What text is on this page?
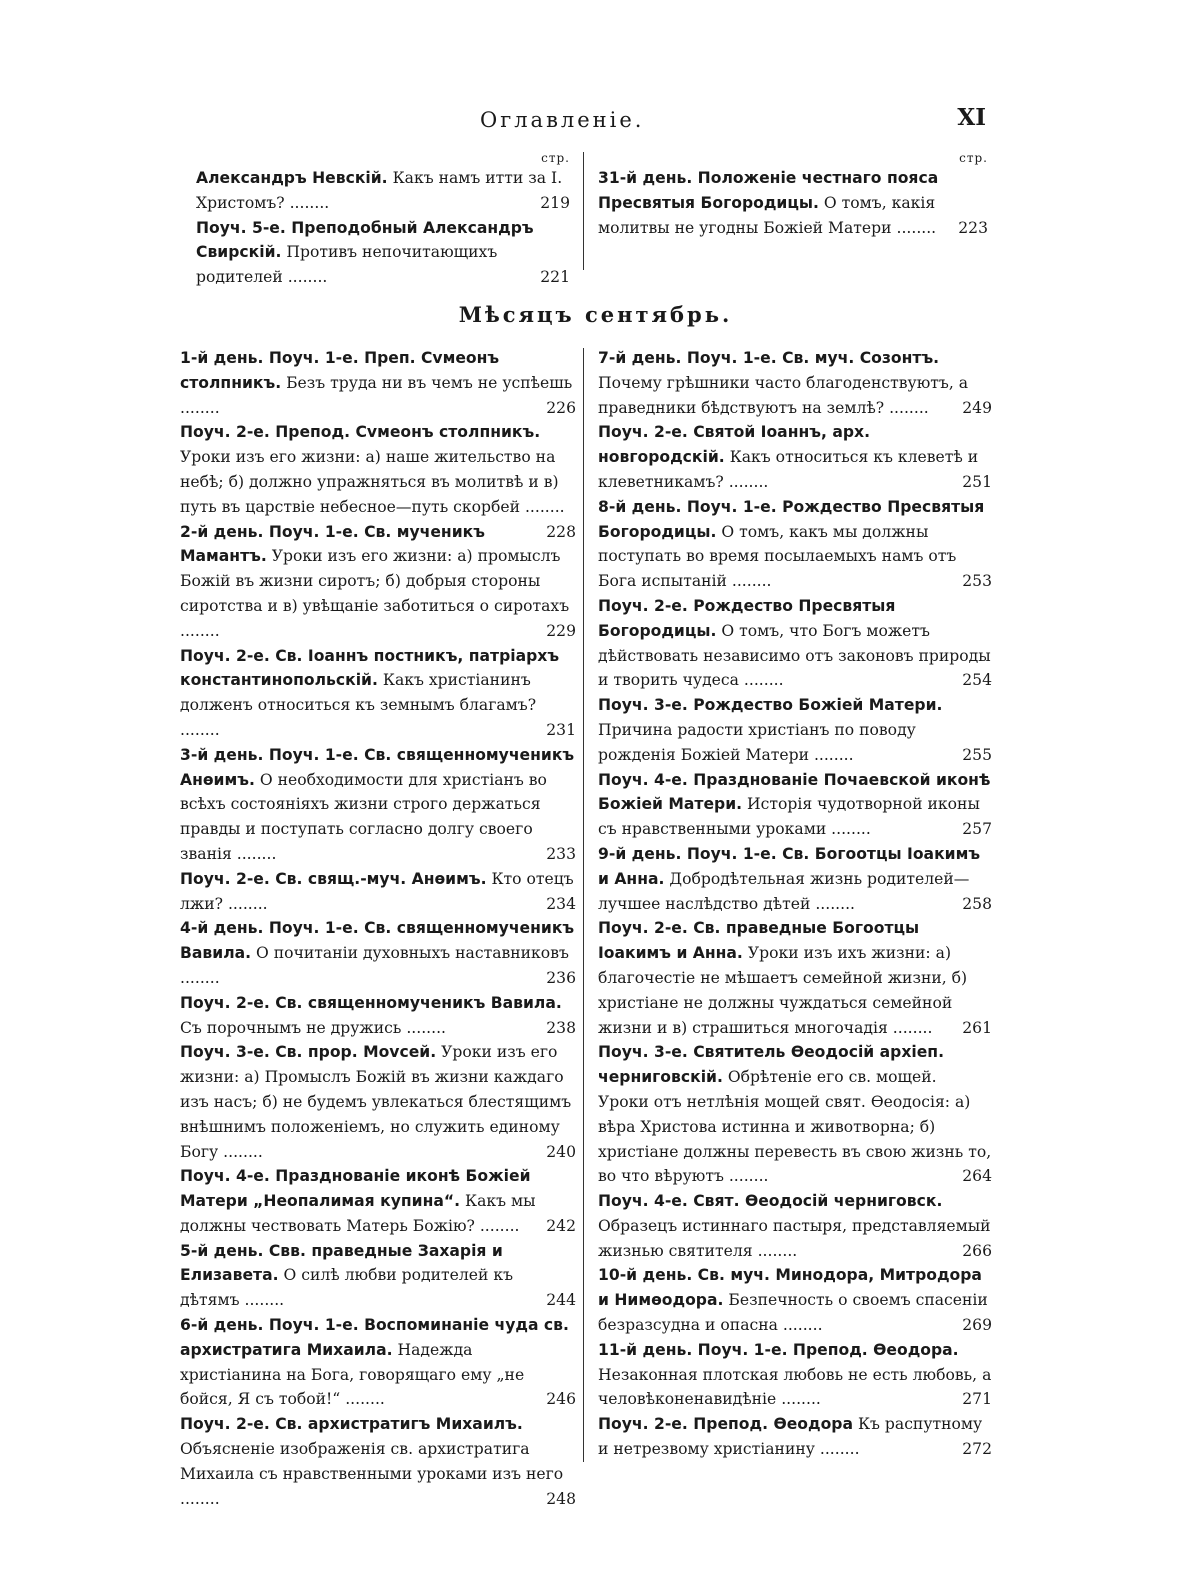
Оглавленіе.	XI
стр.

Александръ Невскій. Какъ намъ итти за І. Христомъ? ........	219

Поуч. 5-е. Преподобный Александръ Свирскій. Противъ непочитающихъ родителей ........	221

стр.

31-й день. Положеніе честнаго пояса Пресвятыя Богородицы. О томъ, какія молитвы не угодны Божіей Матери ........ 223

Мѣсяцъ сентябрь.

1-й день. Поуч. 1-е. Преп. Сvмеонъ столпникъ. Безъ труда ни въ чемъ не успѣешь ........	226

Поуч. 2-е. Препод. Сvмеонъ столпникъ. Уроки изъ его жизни: а) наше жительство на небѣ; б) должно упражняться въ молитвѣ и в) путь въ царствіе небесное—путь скорбей ........
228

2-й день. Поуч. 1-е. Св. мученикъ Мамантъ. Уроки изъ его жизни: а) промыслъ Божій въ жизни сиротъ; б) добрыя стороны сиротства и в) увѣщаніе заботиться о сиротахъ ........	229

Поуч. 2-е. Св. Іоаннъ постникъ, патріархъ константинопольскій. Какъ христіанинъ долженъ относиться къ земнымъ благамъ? ........	231

3-й день. Поуч. 1-е. Св. священномученикъ Анѳимъ. О необходимости для христіанъ во всѣхъ состояніяхъ жизни строго держаться правды и поступать согласно долгу своего званія ........	233

Поуч. 2-е. Св. свящ.-муч. Анѳимъ. Кто отецъ лжи? ........	234

4-й день. Поуч. 1-е. Св. священномученикъ Вавила. О почитаніи духовныхъ наставниковъ ........	236

Поуч. 2-е. Св. священномученикъ Вавила. Съ порочнымъ не дружись ........	238

Поуч. 3-е. Св. прор. Моvсей. Уроки изъ его жизни: а) Промыслъ Божій въ жизни каждаго изъ насъ; б) не будемъ увлекаться блестящимъ внѣшнимъ положеніемъ, но служить единому Богу ........	240

Поуч. 4-е. Празднованіе иконѣ Божіей Матери „Неопалимая купина“. Какъ мы должны чествовать Матерь Божію? ........ 242

5-й день. Свв. праведные Захарія и Елизавета. О силѣ любви родителей къ дѣтямъ ........	244

6-й день. Поуч. 1-е. Воспоминаніе чуда св. архистратига Михаила. Надежда христіанина на Бога, говорящаго ему „не бойся, Я съ тобой!“ ........	246

Поуч. 2-е. Св. архистратигъ Михаилъ. Объясненіе изображенія св. архистратига Михаила съ нравственными уроками изъ него ........	248

7-й день. Поуч. 1-е. Св. муч. Созонтъ. Почему грѣшники часто благоденствуютъ, а праведники бѣдствуютъ на землѣ? ........ 249

Поуч. 2-е. Святой Іоаннъ, арх. новгородскій. Какъ относиться къ клеветѣ и клеветникамъ? ........	251

8-й день. Поуч. 1-е. Рождество Пресвятыя Богородицы. О томъ, какъ мы должны поступать во время посылаемыхъ намъ отъ Бога испытаній ........	253

Поуч. 2-е. Рождество Пресвятыя Богородицы. О томъ, что Богъ можетъ дѣйствовать независимо отъ законовъ природы и творить чудеса ........	254

Поуч. 3-е. Рождество Божіей Матери. Причина радости христіанъ по поводу рожденія Божіей Матери ........	255

Поуч. 4-е. Празднованіе Почаевской иконѣ Божіей Матери. Исторія чудотворной иконы съ нравственными уроками ........	257

9-й день. Поуч. 1-е. Св. Богоотцы Іоакимъ и Анна. Добродѣтельная жизнь родителей—лучшее наслѣдство дѣтей ........	258

Поуч. 2-е. Св. праведные Богоотцы Іоакимъ и Анна. Уроки изъ ихъ жизни: а) благочестіе не мѣшаетъ семейной жизни, б) христіане не должны чуждаться семейной жизни и в) страшиться многочадія ........ 261

Поуч. 3-е. Святитель Ѳеодосій архіеп. черниговскій. Обрѣтеніе его св. мощей. Уроки отъ нетлѣнія мощей свят. Ѳеодосія: а) вѣра Христова истинна и животворна; б) христіане должны перевесть въ свою жизнь то, во что вѣруютъ ........	264

Поуч. 4-е. Свят. Ѳеодосій черниговск. Образецъ истиннаго пастыря, представляемый жизнью святителя ........	266

10-й день. Св. муч. Минодора, Митродора и Нимѳодора. Безпечность о своемъ спасеніи безразсудна и опасна ........	269

11-й день. Поуч. 1-е. Препод. Ѳеодора. Незаконная плотская любовь не есть любовь, а человѣконенавидѣніе ........	271

Поуч. 2-е. Препод. Ѳеодора Къ распутному и нетрезвому христіанину ........	272
